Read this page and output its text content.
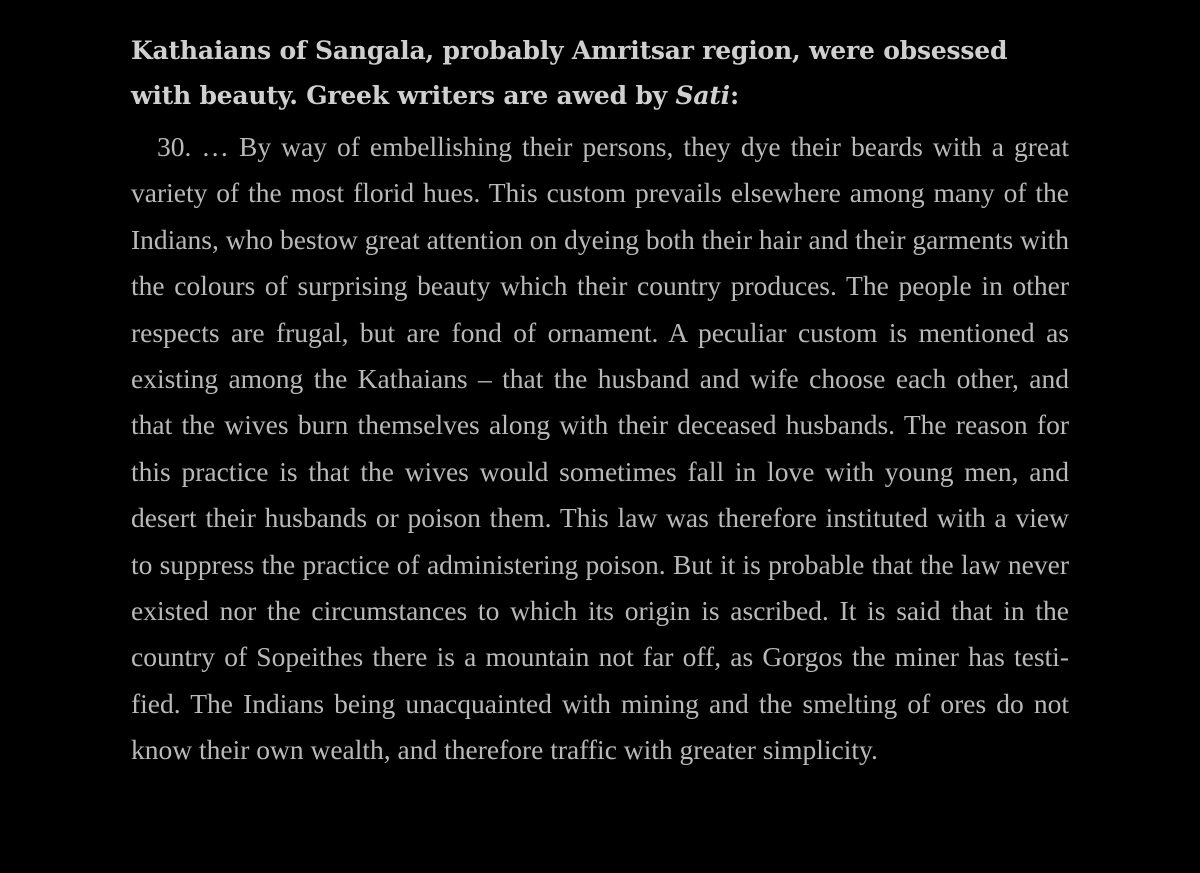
Kathaians of Sangala, probably Amritsar region, were obsessed with beauty. Greek writers are awed by Sati:

30. … By way of embellishing their persons, they dye their beards with a great variety of the most florid hues. This custom prevails elsewhere among many of the Indians, who bestow great attention on dyeing both their hair and their garments with the colours of surprising beauty which their country produces. The people in other respects are frugal, but are fond of ornament. A peculiar custom is mentioned as existing among the Kathaians – that the husband and wife choose each other, and that the wives burn themselves along with their deceased husbands. The reason for this practice is that the wives would sometimes fall in love with young men, and desert their husbands or poison them. This law was therefore instituted with a view to suppress the practice of administering poison. But it is probable that the law never existed nor the circumstances to which its origin is ascribed. It is said that in the country of Sopeithes there is a mountain not far off, as Gorgos the miner has testified. The Indians being unacquainted with mining and the smelting of ores do not know their own wealth, and therefore traffic with greater simplicity.
